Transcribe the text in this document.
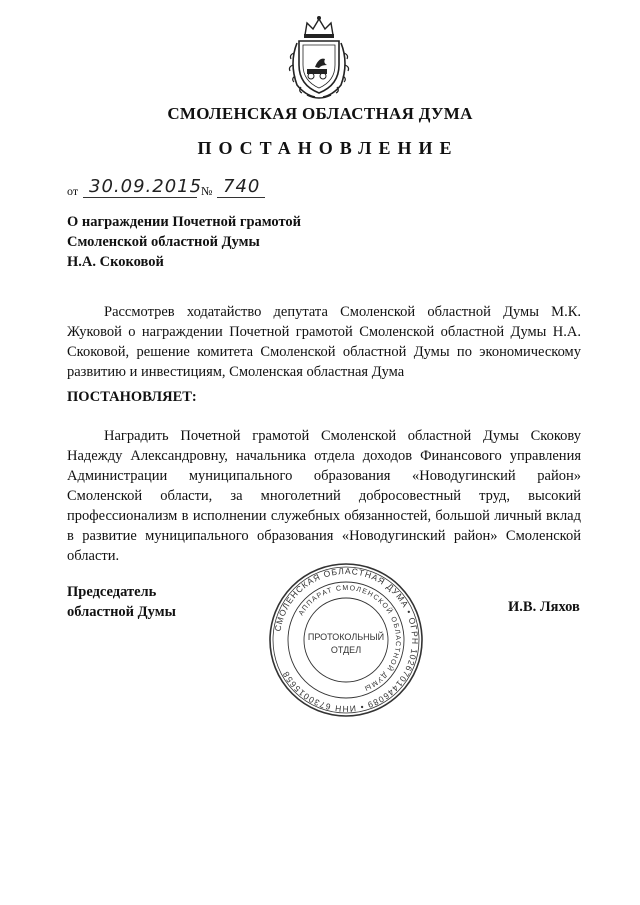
СМОЛЕНСКАЯ ОБЛАСТНАЯ ДУМА
ПОСТАНОВЛЕНИЕ
от 30.09.2015
№ 740
О награждении Почетной грамотой
Смоленской областной Думы
Н.А. Скоковой
Рассмотрев ходатайство депутата Смоленской областной Думы М.К. Жуковой о награждении Почетной грамотой Смоленской областной Думы Н.А. Скоковой, решение комитета Смоленской областной Думы по экономическому развитию и инвестициям, Смоленская областная Дума
ПОСТАНОВЛЯЕТ:
Наградить Почетной грамотой Смоленской областной Думы Скокову Надежду Александровну, начальника отдела доходов Финансового управления Администрации муниципального образования «Новодугинский район» Смоленской области, за многолетний добросовестный труд, высокий профессионализм в исполнении служебных обязанностей, большой личный вклад в развитие муниципального образования «Новодугинский район» Смоленской области.
Председатель
областной Думы	И.В. Ляхов
СМОЛЕНСКАЯ ОБЛАСТНАЯ ДУМА • ОГРН 1026701446089 • ИНН 6730015658
АППАРАТ СМОЛЕНСКОЙ ОБЛАСТНОЙ ДУМЫ
ПРОТОКОЛЬНЫЙ
ОТДЕЛ
